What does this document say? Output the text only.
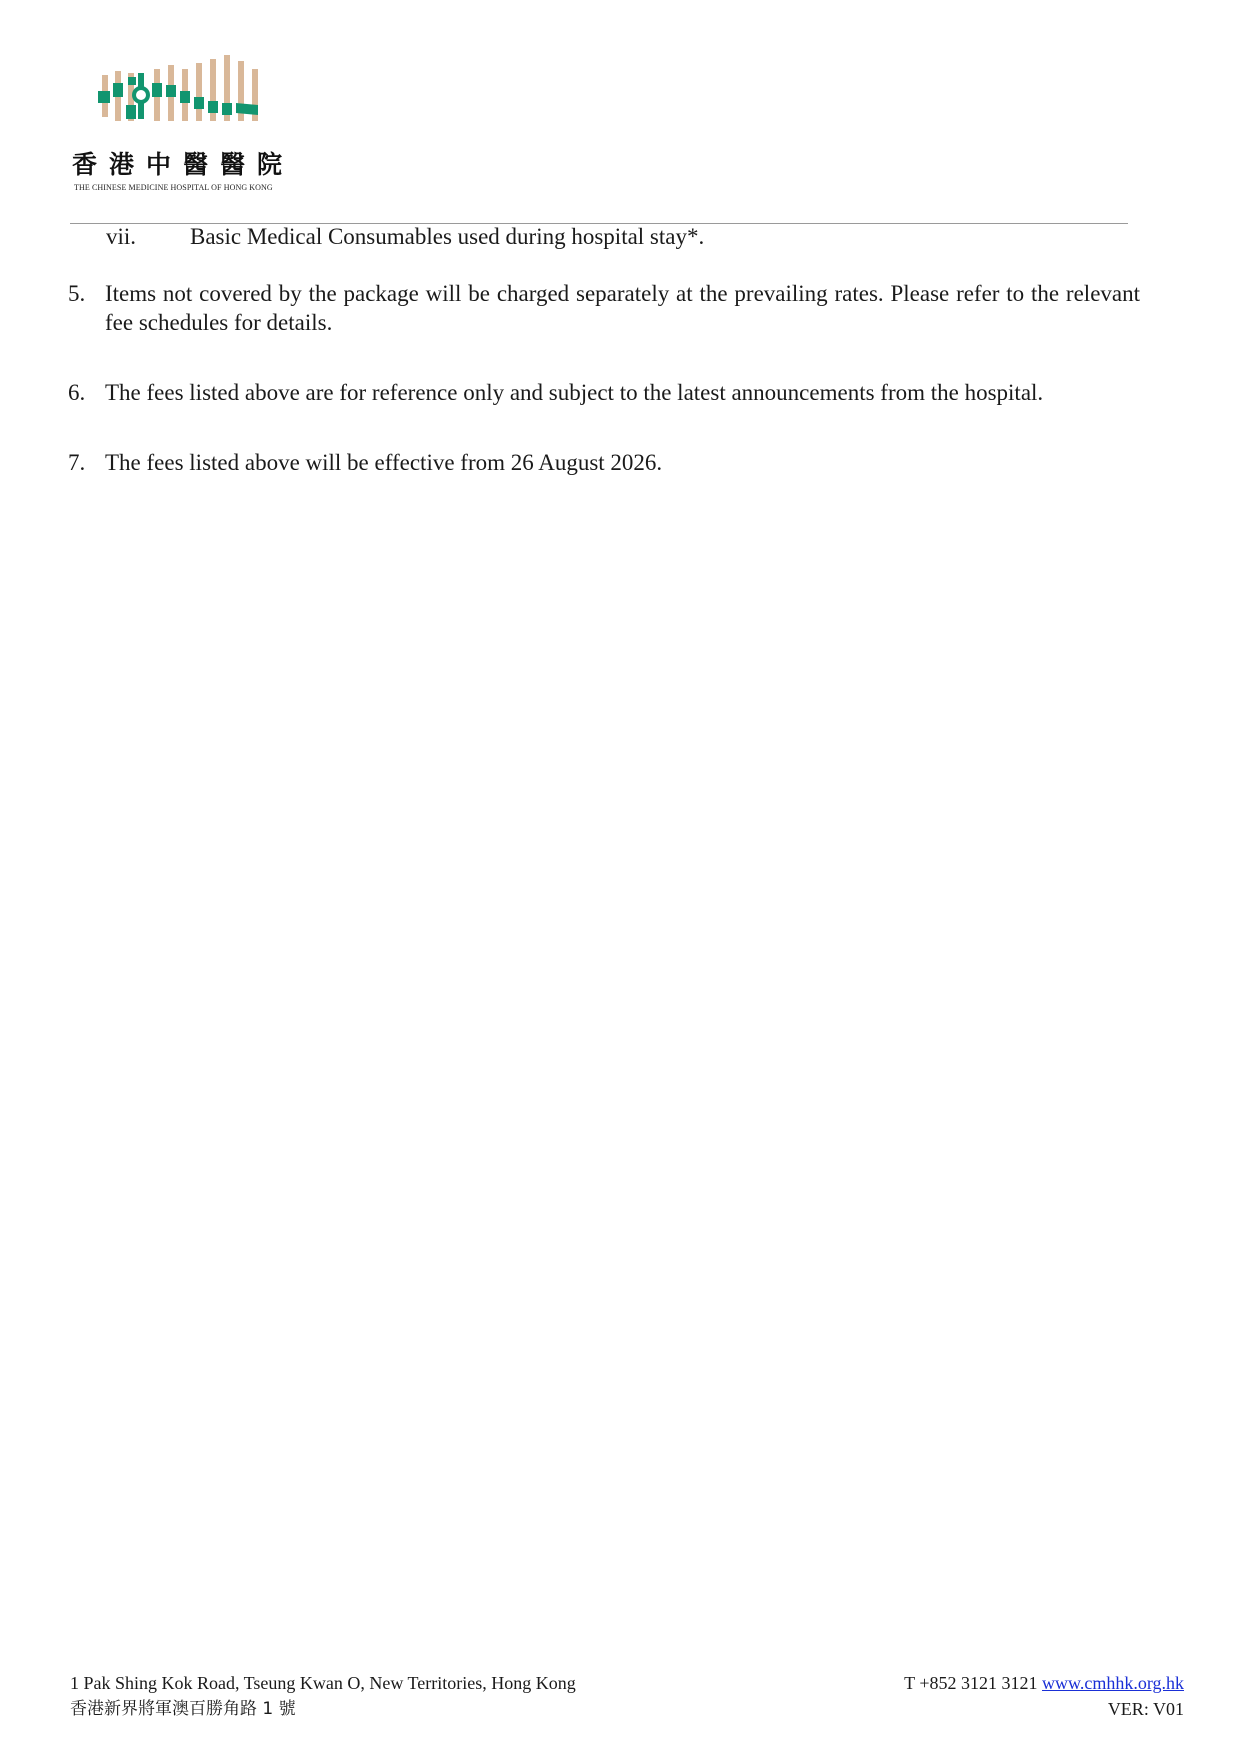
香港中醫醫院
THE CHINESE MEDICINE HOSPITAL OF HONG KONG
vii. Basic Medical Consumables used during hospital stay*.
5. Items not covered by the package will be charged separately at the prevailing rates. Please refer to the relevant fee schedules for details.
6. The fees listed above are for reference only and subject to the latest announcements from the hospital.
7. The fees listed above will be effective from 26 August 2026.
1 Pak Shing Kok Road, Tseung Kwan O, New Territories, Hong Kong
香港新界將軍澳百勝角路 1 號
T +852 3121 3121 www.cmhhk.org.hk
VER: V01
